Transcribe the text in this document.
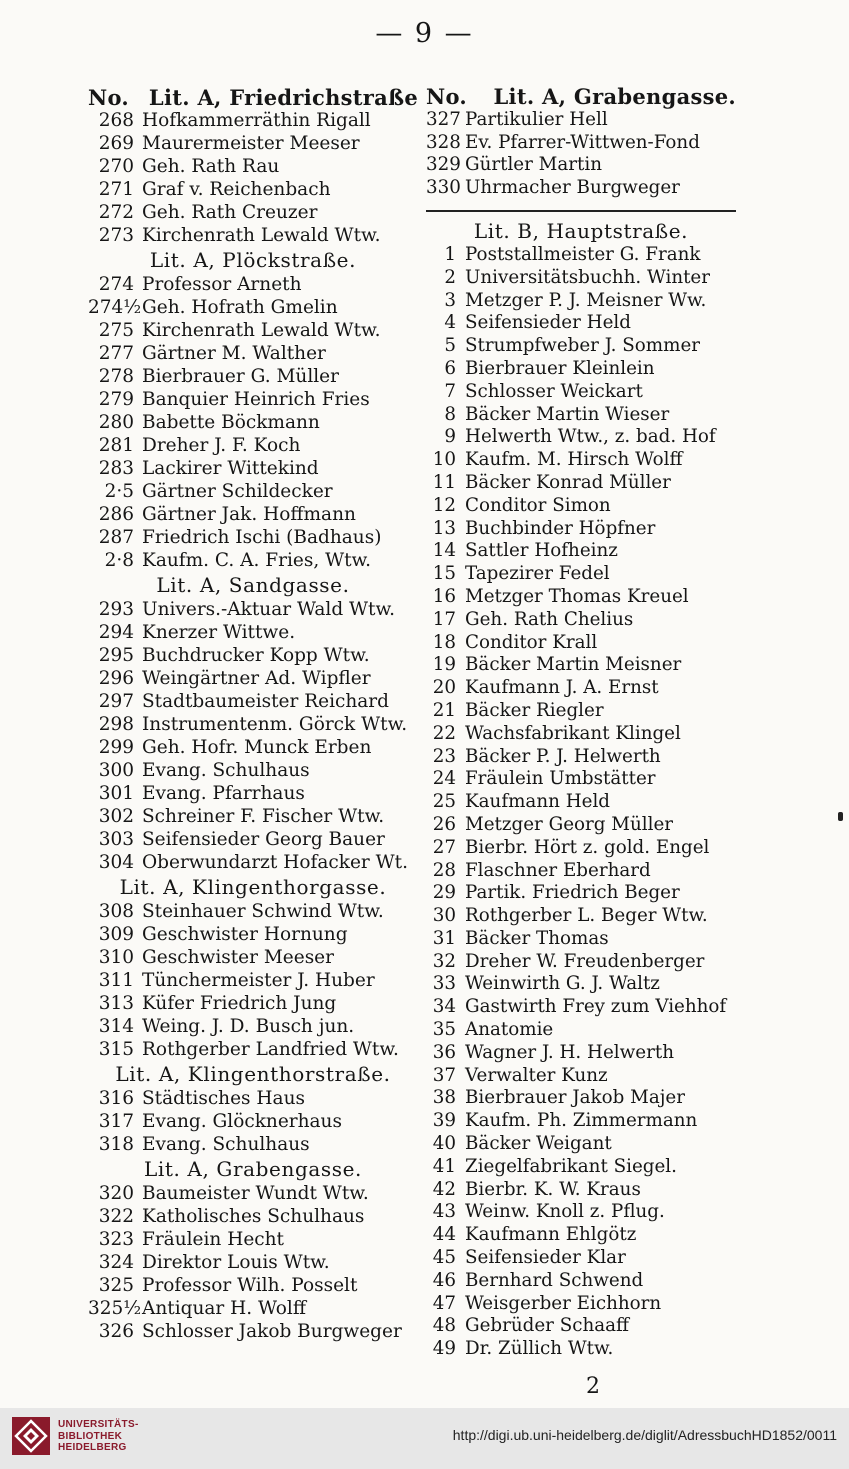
— 9 —
No. Lit. A, Friedrichstraße
268 Hofkammerräthin Rigall
269 Maurermeister Meeser
270 Geh. Rath Rau
271 Graf v. Reichenbach
272 Geh. Rath Creuzer
273 Kirchenrath Lewald Wtw.
Lit. A, Plöckstraße.
274 Professor Arneth
274½ Geh. Hofrath Gmelin
275 Kirchenrath Lewald Wtw.
277 Gärtner M. Walther
278 Bierbrauer G. Müller
279 Banquier Heinrich Fries
280 Babette Böckmann
281 Dreher J. F. Koch
283 Lackirer Wittekind
2·5 Gärtner Schildecker
286 Gärtner Jak. Hoffmann
287 Friedrich Ischi (Badhaus)
2·8 Kaufm. C. A. Fries, Wtw.
Lit. A, Sandgasse.
293 Univers.-Aktuar Wald Wtw.
294 Knerzer Wittwe.
295 Buchdrucker Kopp Wtw.
296 Weingärtner Ad. Wipfler
297 Stadtbaumeister Reichard
298 Instrumentenm. Görck Wtw.
299 Geh. Hofr. Munck Erben
300 Evang. Schulhaus
301 Evang. Pfarrhaus
302 Schreiner F. Fischer Wtw.
303 Seifensieder Georg Bauer
304 Oberwundarzt Hofacker Wt.
Lit. A, Klingenthorgasse.
308 Steinhauer Schwind Wtw.
309 Geschwister Hornung
310 Geschwister Meeser
311 Tünchermeister J. Huber
313 Küfer Friedrich Jung
314 Weing. J. D. Busch jun.
315 Rothgerber Landfried Wtw.
Lit. A, Klingenthorstraße.
316 Städtisches Haus
317 Evang. Glöcknerhaus
318 Evang. Schulhaus
Lit. A, Grabengasse.
320 Baumeister Wundt Wtw.
322 Katholisches Schulhaus
323 Fräulein Hecht
324 Direktor Louis Wtw.
325 Professor Wilh. Posselt
325½ Antiquar H. Wolff
326 Schlosser Jakob Burgweger
No. Lit. A, Grabengasse.
327 Partikulier Hell
328 Ev. Pfarrer-Wittwen-Fond
329 Gürtler Martin
330 Uhrmacher Burgweger
Lit. B, Hauptstraße.
1 Poststallmeister G. Frank
2 Universitätsbuchh. Winter
3 Metzger P. J. Meisner Ww.
4 Seifensieder Held
5 Strumpfweber J. Sommer
6 Bierbrauer Kleinlein
7 Schlosser Weickart
8 Bäcker Martin Wieser
9 Helwerth Wtw., z. bad. Hof
10 Kaufm. M. Hirsch Wolff
11 Bäcker Konrad Müller
12 Conditor Simon
13 Buchbinder Höpfner
14 Sattler Hofheinz
15 Tapezirer Fedel
16 Metzger Thomas Kreuel
17 Geh. Rath Chelius
18 Conditor Krall
19 Bäcker Martin Meisner
20 Kaufmann J. A. Ernst
21 Bäcker Riegler
22 Wachsfabrikant Klingel
23 Bäcker P. J. Helwerth
24 Fräulein Umbstätter
25 Kaufmann Held
26 Metzger Georg Müller
27 Bierbr. Hört z. gold. Engel
28 Flaschner Eberhard
29 Partik. Friedrich Beger
30 Rothgerber L. Beger Wtw.
31 Bäcker Thomas
32 Dreher W. Freudenberger
33 Weinwirth G. J. Waltz
34 Gastwirth Frey zum Viehhof
35 Anatomie
36 Wagner J. H. Helwerth
37 Verwalter Kunz
38 Bierbrauer Jakob Majer
39 Kaufm. Ph. Zimmermann
40 Bäcker Weigant
41 Ziegelfabrikant Siegel.
42 Bierbr. K. W. Kraus
43 Weinw. Knoll z. Pflug.
44 Kaufmann Ehlgötz
45 Seifensieder Klar
46 Bernhard Schwend
47 Weisgerber Eichhorn
48 Gebrüder Schaaff
49 Dr. Züllich Wtw.
2
UNIVERSITÄTS-
BIBLIOTHEK
HEIDELBERG
http://digi.ub.uni-heidelberg.de/diglit/AdressbuchHD1852/0011
